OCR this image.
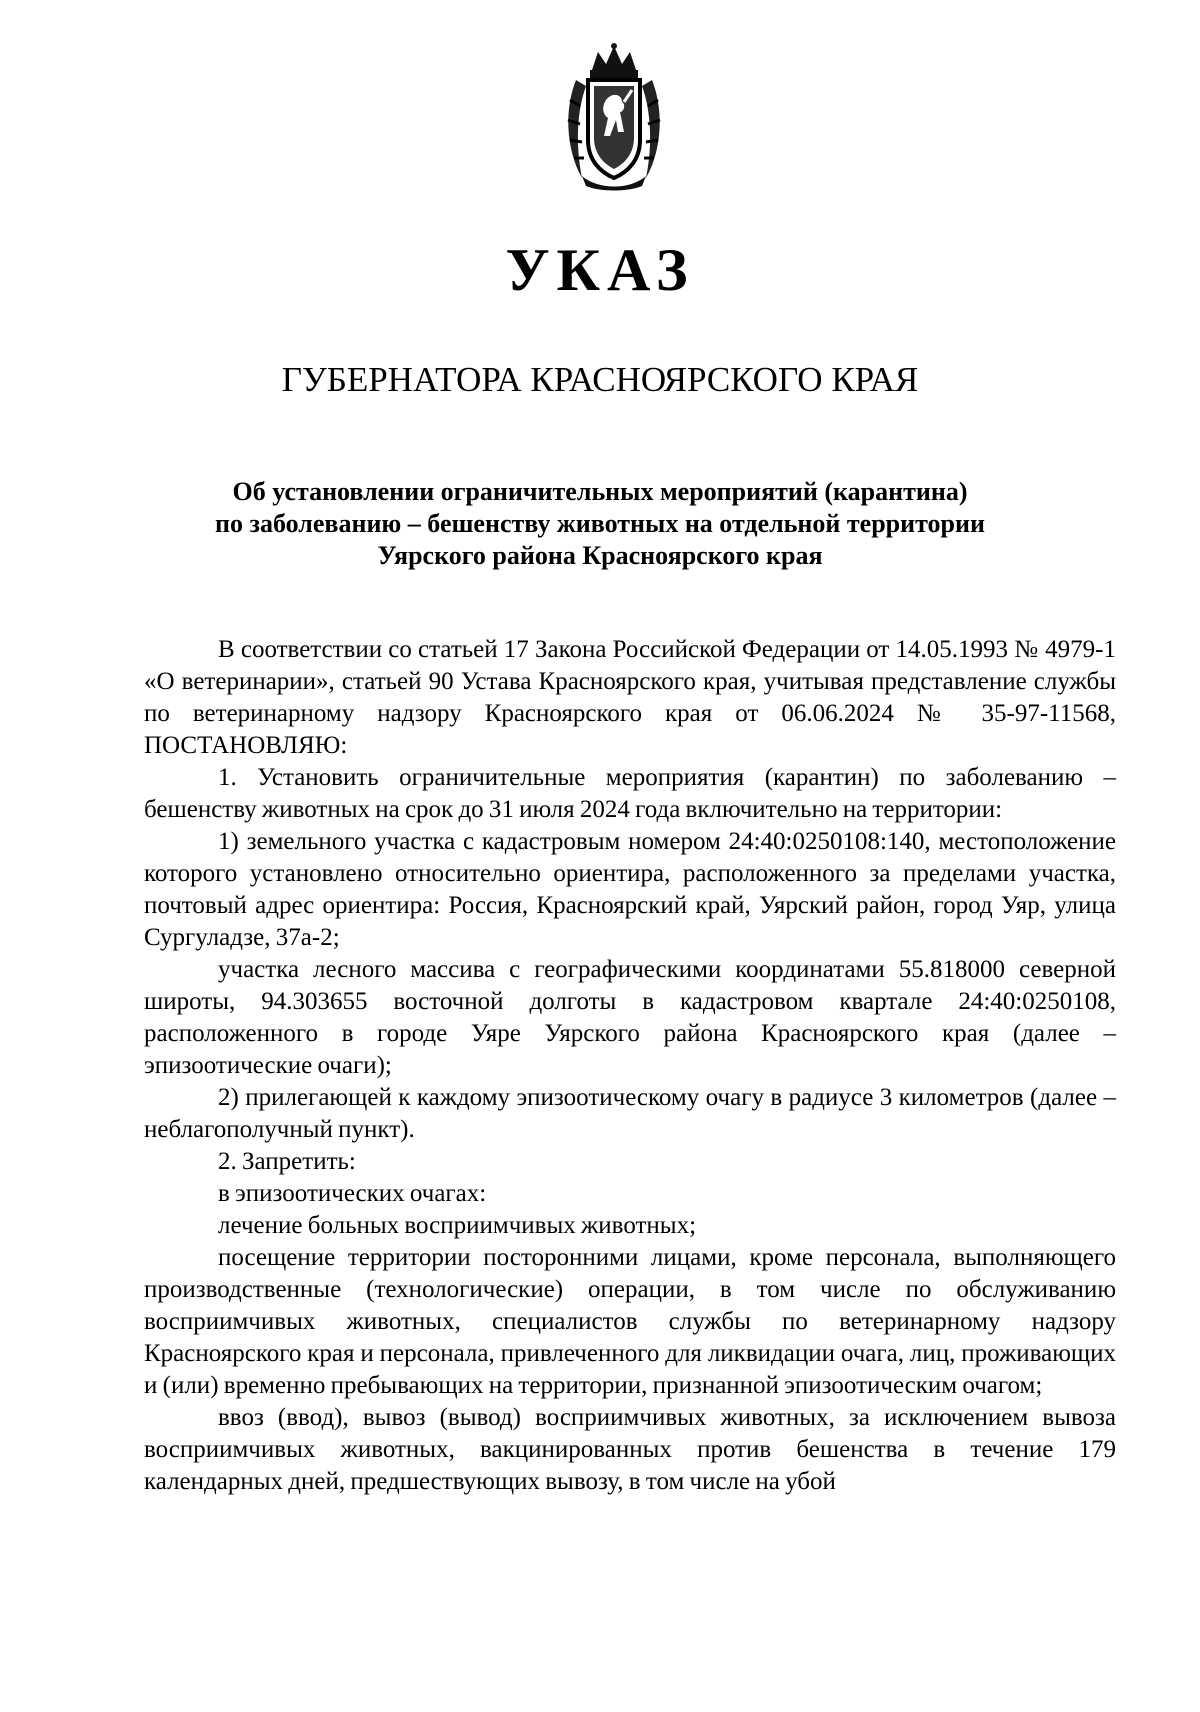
УКАЗ
ГУБЕРНАТОРА КРАСНОЯРСКОГО КРАЯ
Об установлении ограничительных мероприятий (карантина)
по заболеванию – бешенству животных на отдельной территории
Уярского района Красноярского края

В соответствии со статьей 17 Закона Российской Федерации от 14.05.1993 № 4979-1 «О ветеринарии», статьей 90 Устава Красноярского края, учитывая представление службы по ветеринарному надзору Красноярского края от 06.06.2024 № 35-97-11568, ПОСТАНОВЛЯЮ:

1. Установить ограничительные мероприятия (карантин) по заболеванию – бешенству животных на срок до 31 июля 2024 года включительно на территории:

1) земельного участка с кадастровым номером 24:40:0250108:140, местоположение которого установлено относительно ориентира, расположенного за пределами участка, почтовый адрес ориентира: Россия, Красноярский край, Уярский район, город Уяр, улица Сургуладзе, 37а-2;

участка лесного массива с географическими координатами 55.818000 северной широты, 94.303655 восточной долготы в кадастровом квартале 24:40:0250108, расположенного в городе Уяре Уярского района Красноярского края (далее – эпизоотические очаги);

2) прилегающей к каждому эпизоотическому очагу в радиусе 3 километров (далее – неблагополучный пункт).

2. Запретить:

в эпизоотических очагах:

лечение больных восприимчивых животных;

посещение территории посторонними лицами, кроме персонала, выполняющего производственные (технологические) операции, в том числе по обслуживанию восприимчивых животных, специалистов службы по ветеринарному надзору Красноярского края и персонала, привлеченного для ликвидации очага, лиц, проживающих и (или) временно пребывающих на территории, признанной эпизоотическим очагом;

ввоз (ввод), вывоз (вывод) восприимчивых животных, за исключением вывоза восприимчивых животных, вакцинированных против бешенства в течение 179 календарных дней, предшествующих вывозу, в том числе на убой
